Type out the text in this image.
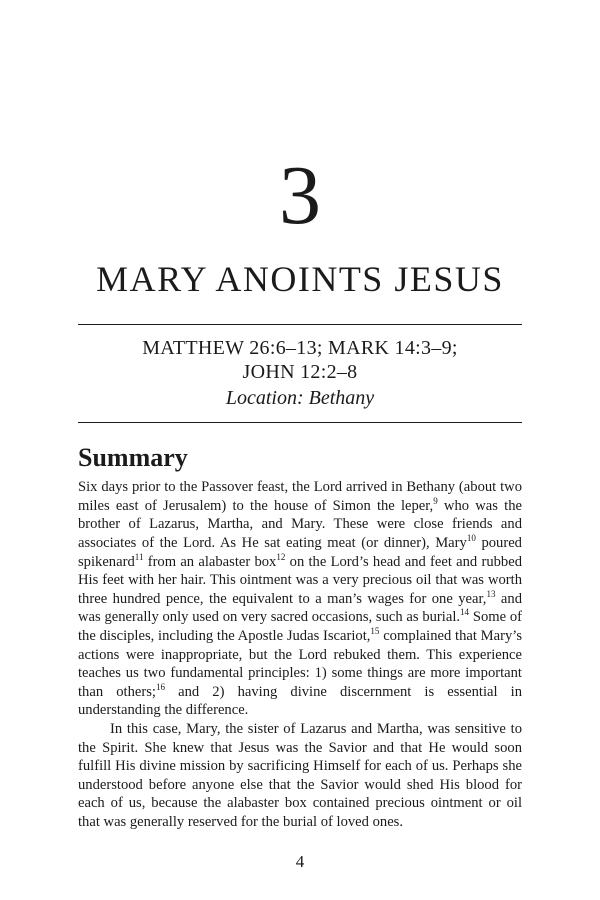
3
MARY ANOINTS JESUS
MATTHEW 26:6–13; MARK 14:3–9;
JOHN 12:2–8
Location: Bethany
Summary

Six days prior to the Passover feast, the Lord arrived in Bethany (about two miles east of Jerusalem) to the house of Simon the leper,$^9$ who was the brother of Lazarus, Martha, and Mary. These were close friends and associates of the Lord. As He sat eating meat (or dinner), Mary$^{10}$ poured spikenard$^{11}$ from an alabaster box$^{12}$ on the Lord’s head and feet and rubbed His feet with her hair. This ointment was a very precious oil that was worth three hundred pence, the equivalent to a man’s wages for one year,$^{13}$ and was generally only used on very sacred occasions, such as burial.$^{14}$ Some of the disciples, including the Apostle Judas Iscariot,$^{15}$ complained that Mary’s actions were inappropriate, but the Lord rebuked them. This experience teaches us two fundamental principles: 1) some things are more important than others;$^{16}$ and 2) having divine discernment is essential in understanding the difference.

In this case, Mary, the sister of Lazarus and Martha, was sensitive to the Spirit. She knew that Jesus was the Savior and that He would soon fulfill His divine mission by sacrificing Himself for each of us. Perhaps she understood before anyone else that the Savior would shed His blood for each of us, because the alabaster box contained precious ointment or oil that was generally reserved for the burial of loved ones.

4
